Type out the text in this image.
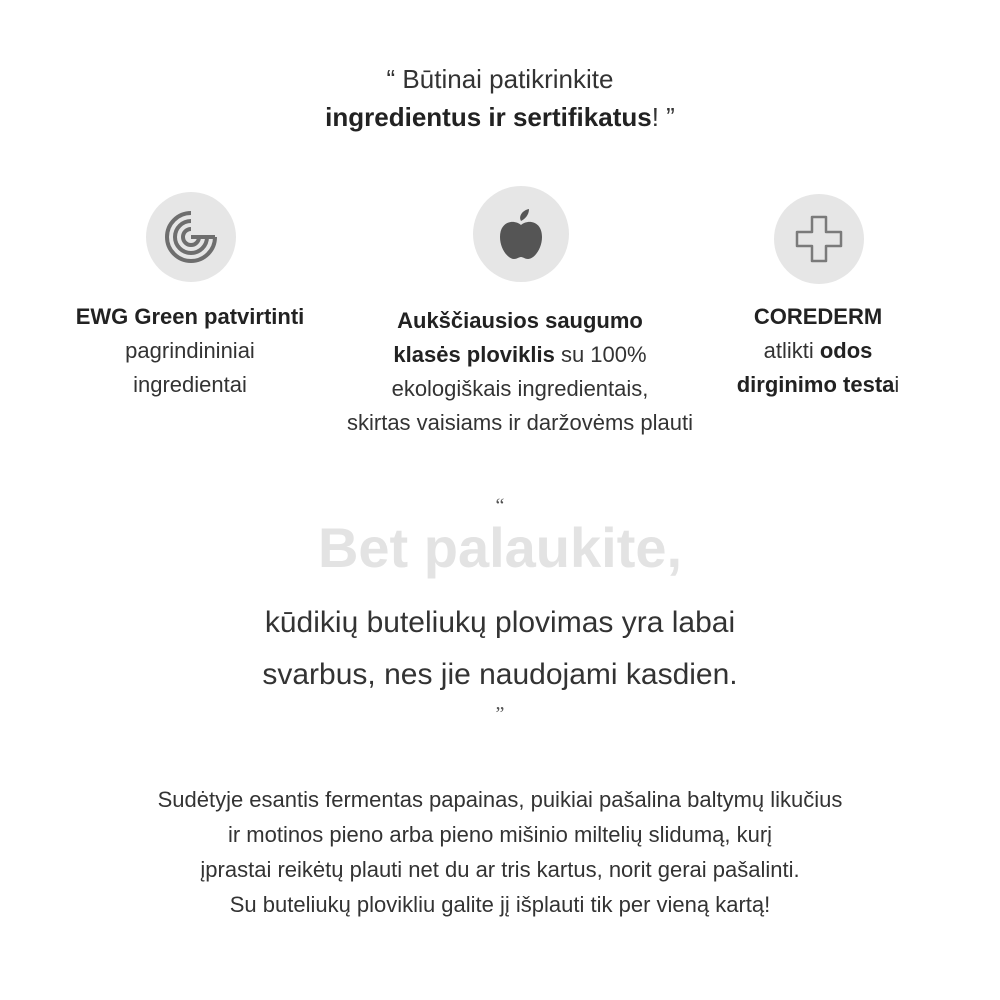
“ Būtinai patikrinkite
ingredientus ir sertifikatus! ”
EWG Green patvirtinti
pagrindininiai
ingredientai
Aukščiausios saugumo
klasės ploviklis su 100%
ekologiškais ingredientais,
skirtas vaisiams ir daržovėms plauti
COREDERM
atlikti odos
dirginimo testai
“
Bet palaukite,
kūdikių buteliukų plovimas yra labai
svarbus, nes jie naudojami kasdien.
”
Sudėtyje esantis fermentas papainas, puikiai pašalina baltymų likučius
ir motinos pieno arba pieno mišinio miltelių slidumą, kurį
įprastai reikėtų plauti net du ar tris kartus, norit gerai pašalinti.
Su buteliukų plovikliu galite jį išplauti tik per vieną kartą!
